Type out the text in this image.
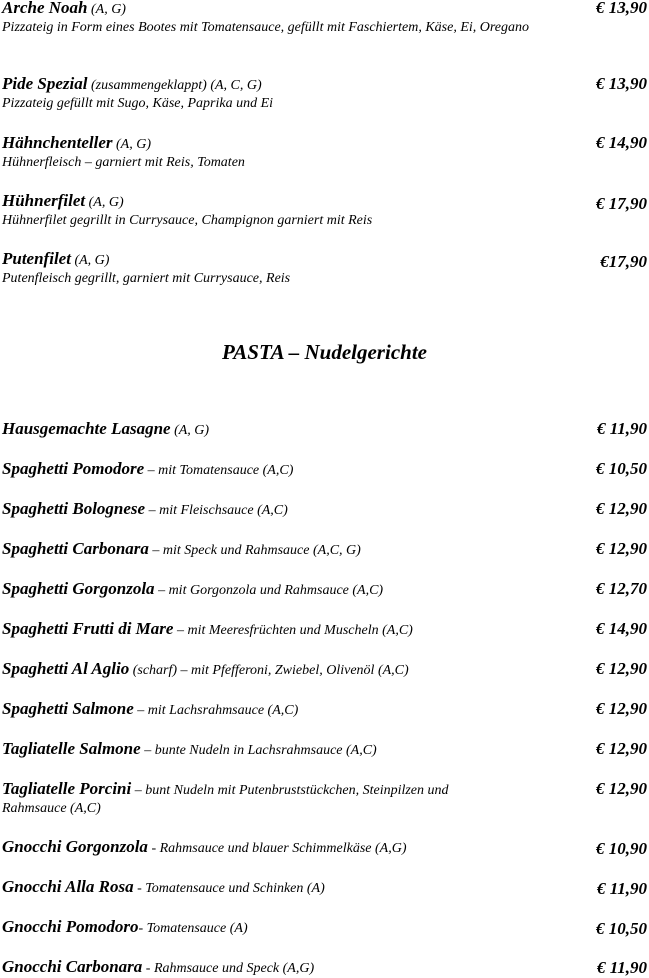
Arche Noah (A, G)	€ 13,90
Pizzateig in Form eines Bootes mit Tomatensauce, gefüllt mit Faschiertem, Käse, Ei, Oregano
Pide Spezial (zusammengeklappt) (A, C, G)	€ 13,90
Pizzateig gefüllt mit Sugo, Käse, Paprika und Ei
Hähnchenteller (A, G)	€ 14,90
Hühnerfleisch – garniert mit Reis, Tomaten
Hühnerfilet (A, G)	€ 17,90
Hühnerfilet gegrillt in Currysauce, Champignon garniert mit Reis
Putenfilet (A, G)	€17,90
Putenfleisch gegrillt, garniert mit Currysauce, Reis
PASTA – Nudelgerichte
Hausgemachte Lasagne (A, G)	€ 11,90
Spaghetti Pomodore – mit Tomatensauce (A,C)	€ 10,50
Spaghetti Bolognese – mit Fleischsauce (A,C)	€ 12,90
Spaghetti Carbonara – mit Speck und Rahmsauce (A,C, G)	€ 12,90
Spaghetti Gorgonzola – mit Gorgonzola und Rahmsauce (A,C)	€ 12,70
Spaghetti Frutti di Mare – mit Meeresfrüchten und Muscheln (A,C)	€ 14,90
Spaghetti Al Aglio (scharf) – mit Pfefferoni, Zwiebel, Olivenöl (A,C)	€ 12,90
Spaghetti Salmone – mit Lachsrahmsauce (A,C)	€ 12,90
Tagliatelle Salmone – bunte Nudeln in Lachsrahmsauce (A,C)	€ 12,90
Tagliatelle Porcini – bunt Nudeln mit Putenbruststückchen, Steinpilzen und	€ 12,90
Rahmsauce (A,C)
Gnocchi Gorgonzola - Rahmsauce und blauer Schimmelkäse (A,G)	€ 10,90
Gnocchi Alla Rosa - Tomatensauce und Schinken (A)	€ 11,90
Gnocchi Pomodoro- Tomatensauce (A)	€ 10,50
Gnocchi Carbonara - Rahmsauce und Speck (A,G)	€ 11,90
